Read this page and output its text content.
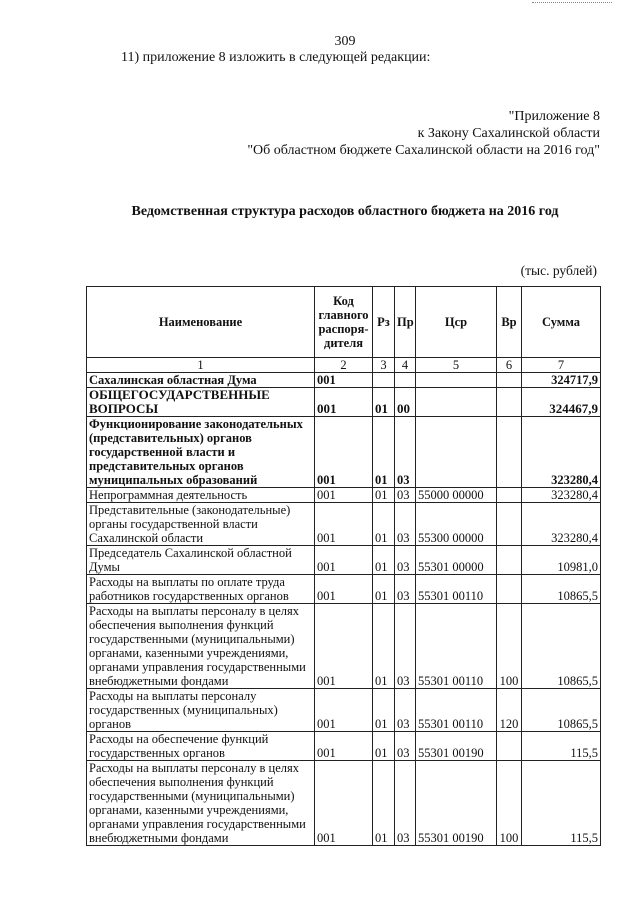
309
11) приложение 8 изложить в следующей редакции:
"Приложение 8
к Закону Сахалинской области
"Об областном бюджете Сахалинской области на 2016 год"
Ведомственная структура расходов областного бюджета на 2016 год
(тыс. рублей)
Наименование	Код главного распоря-дителя	Рз	Пр	Цср	Вр	Сумма
1	2	3	4	5	6	7
Сахалинская областная Дума	001					324717,9
ОБЩЕГОСУДАРСТВЕННЫЕ ВОПРОСЫ	001	01	00			324467,9
Функционирование законодательных (представительных) органов государственной власти и представительных органов муниципальных образований	001	01	03			323280,4
Непрограммная деятельность	001	01	03	55000 00000		323280,4
Представительные (законодательные) органы государственной власти Сахалинской области	001	01	03	55300 00000		323280,4
Председатель Сахалинской областной Думы	001	01	03	55301 00000		10981,0
Расходы на выплаты по оплате труда работников государственных органов	001	01	03	55301 00110		10865,5
Расходы на выплаты персоналу в целях обеспечения выполнения функций государственными (муниципальными) органами, казенными учреждениями, органами управления государственными внебюджетными фондами	001	01	03	55301 00110	100	10865,5
Расходы на выплаты персоналу государственных (муниципальных) органов	001	01	03	55301 00110	120	10865,5
Расходы на обеспечение функций государственных органов	001	01	03	55301 00190		115,5
Расходы на выплаты персоналу в целях обеспечения выполнения функций государственными (муниципальными) органами, казенными учреждениями, органами управления государственными внебюджетными фондами	001	01	03	55301 00190	100	115,5
